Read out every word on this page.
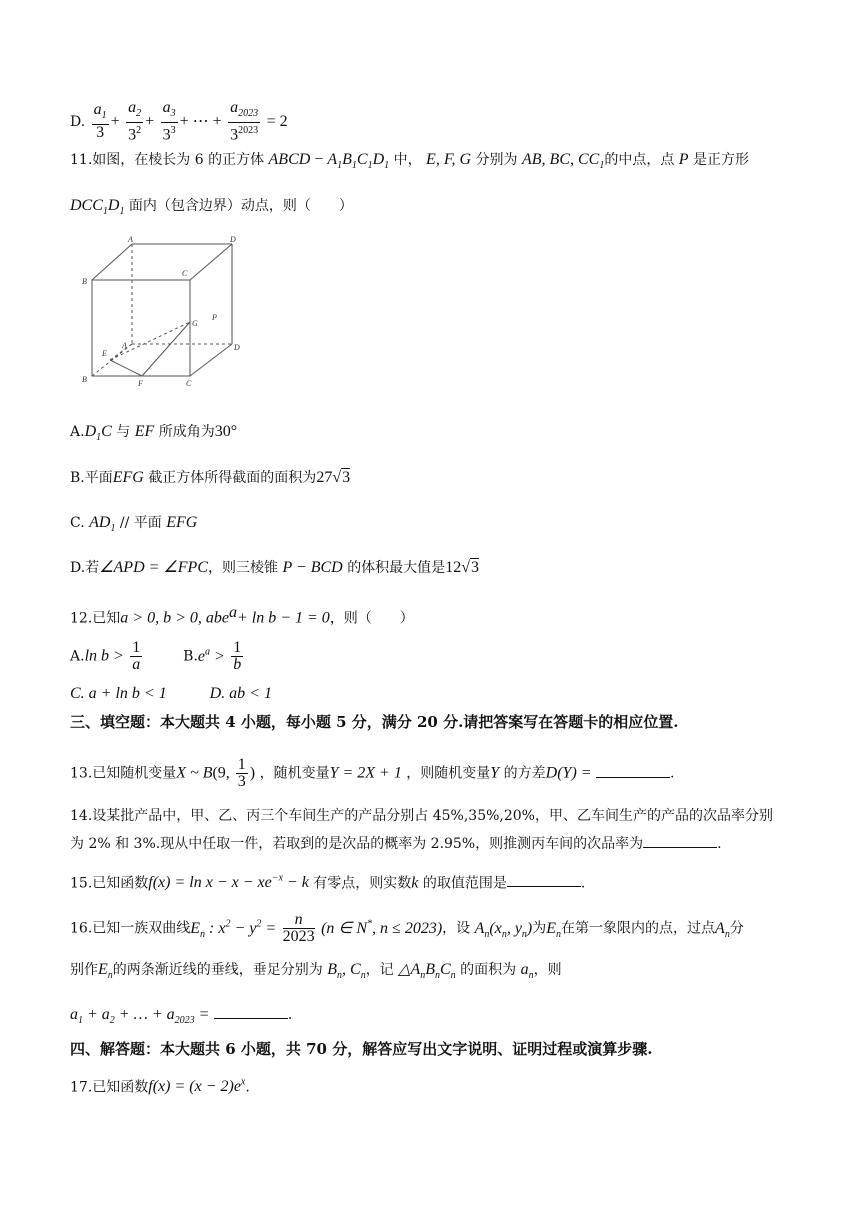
D. $\frac{a_1}{3} + \frac{a_2}{3^2} + \frac{a_3}{3^3}$ + ⋯ + $\frac{a_{2023}}{3^{2023}} = 2$
11.如图，在棱长为 6 的正方体 ABCD − $A_1B_1C_1D_1$ 中， E, F, G 分别为 AB, BC, $CC_1$的中点，点 P 是正方形
$DCC_1D_1$ 面内（包含边界）动点，则（　　）
A
B
C
D
A
B	C
D
E
F
G
P
$A.D_1C$ 与 EF 所成角为30°
B.平面EFG 截正方体所得截面的面积为27√3
C. $AD_1$ // 平面 EFG
D.若∠APD = ∠FPC，则三棱锥 P − BCD 的体积最大值是12√3
12.已知a > 0, b > 0, abe$^a$+ ln b − 1 = 0，则（　　）
A.ln $b > \frac{1}{a}$	$B.e^a > \frac{1}{b}$
C. a + ln b < 1	D. ab < 1
三、填空题：本大题共 4 小题，每小题 5 分，满分 20 分.请把答案写在答题卡的相应位置.
13.已知随机变量X ~ B(9, $\frac{1}{3}$ ) ，随机变量Y = 2X + 1 ，则随机变量Y 的方差D(Y) =	.
14.设某批产品中，甲、乙、丙三个车间生产的产品分别占 45%,35%,20%，甲、乙车间生产的产品的次品率分别
为 2% 和 3%.现从中任取一件，若取到的是次品的概率为 2.95%，则推测丙车间的次品率为	.
15.已知函数$f(x) = \ln x - x - xe^{-x} - k$ 有零点，则实数k 的取值范围是	.
16.已知一族双曲线$E_n$ : $x^2 - y^2 = \frac{n}{2023} (n$ ∈ N*, n ≤ 2023)，设 $A_n(x_n$, $y_n$)为$E_n$在第一象限内的点，过点$A_n$分
别作$E_n$的两条渐近线的垂线，垂足分别为 $B_n$, $C_n$，记 $\triangle A_nB_nC_n$ 的面积为 $a_n$，则
$a_1 + a_2$ + … + $a_{2023}$ =	.
四、解答题：本大题共 6 小题，共 70 分，解答应写出文字说明、证明过程或演算步骤.
17.已知函数$f(x) = (x - 2)e^x$.
